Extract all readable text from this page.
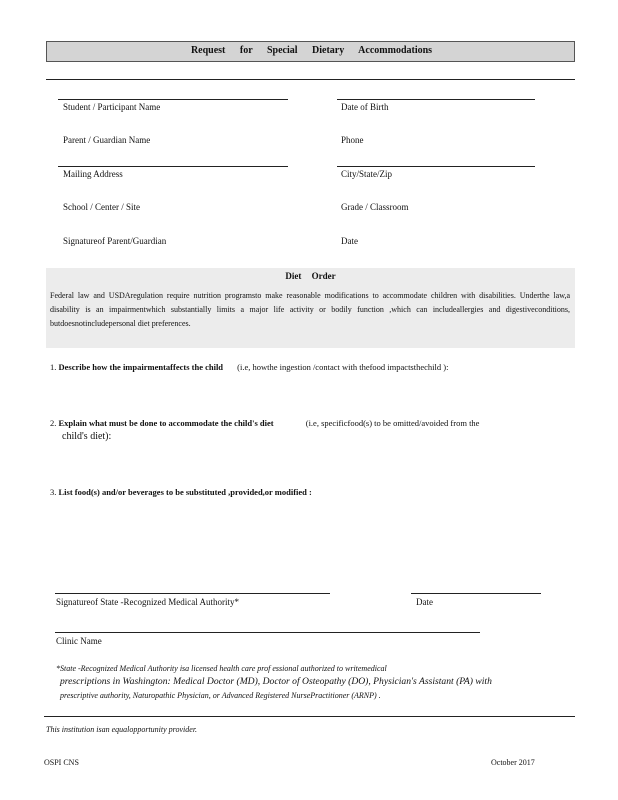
Request for Special Dietary Accommodations
Student / Participant Name	Date of Birth
Parent / Guardian Name	Phone
Mailing Address	City/State/Zip
School / Center / Site	Grade / Classroom
Signatureof Parent/Guardian	Date
Diet Order
Federal law and USDAregulation require nutrition programsto make reasonable modifications to accommodate children with disabilities. Underthe law,a disability is an impairmentwhich substantially limits a major life activity or bodily function ,which can includeallergies and digestiveconditions, butdoesnotincludepersonal diet preferences.
1. Describe how the impairmentaffects the child (i.e, howthe ingestion /contact with thefood impactsthechild ):
2. Explain what must be done to accommodate the child's diet	(i.e, specificfood(s) to be omitted/avoided from the
child's diet):
3. List food(s) and/or beverages to be substituted ,provided,or modified :
Signatureof State -Recognized Medical Authority*	Date
Clinic Name
*State -Recognized Medical Authority isa licensed health care prof essional authorized to writemedical
prescriptions in Washington: Medical Doctor (MD), Doctor of Osteopathy (DO), Physician's Assistant (PA) with
prescriptive authority, Naturopathic Physician, or Advanced Registered NursePractitioner (ARNP) .
This institution isan equalopportunity provider.
OSPI CNS	October 2017
